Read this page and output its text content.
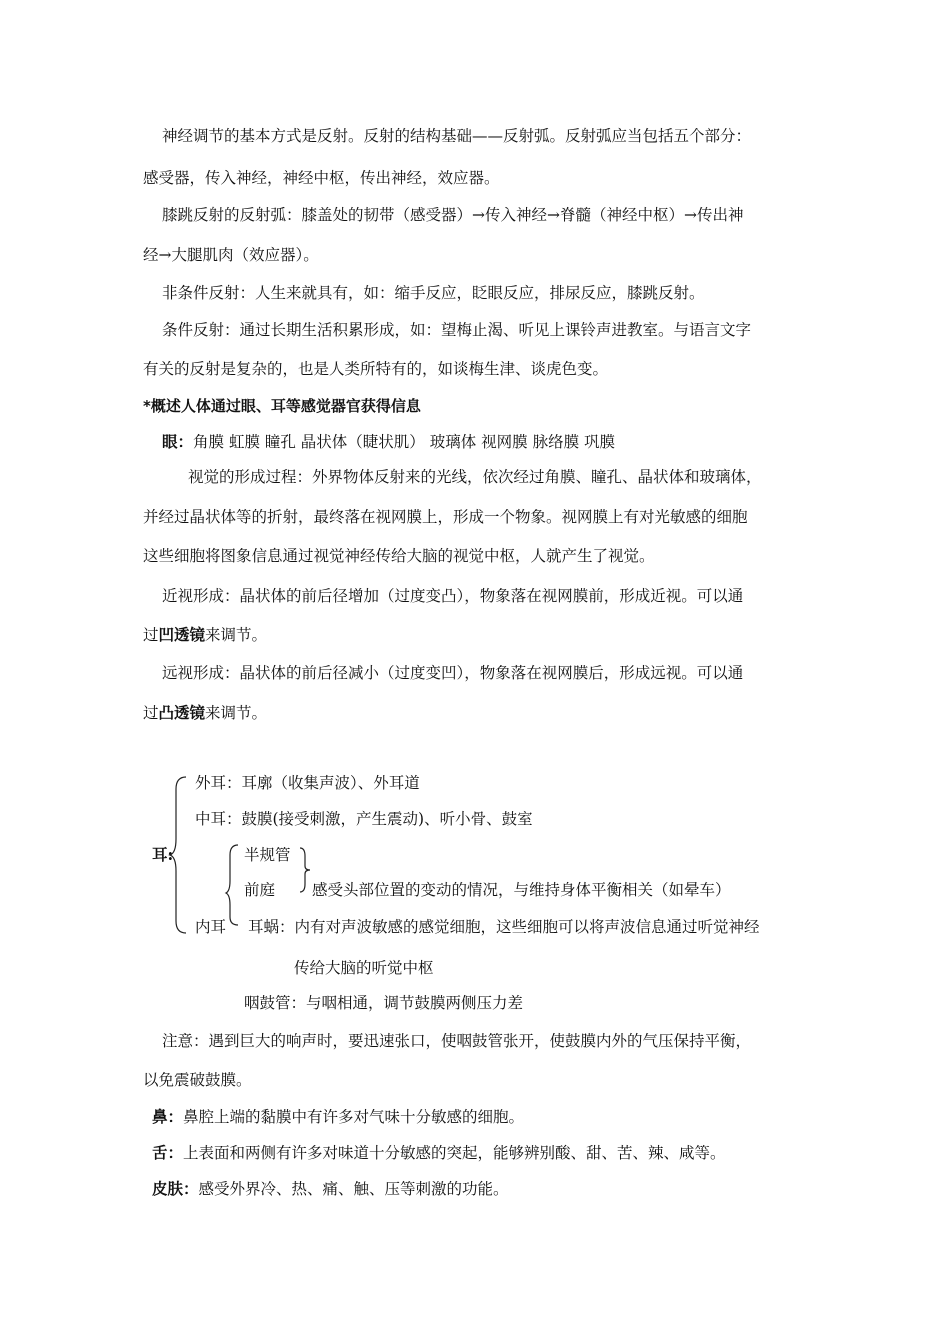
神经调节的基本方式是反射。反射的结构基础——反射弧。反射弧应当包括五个部分：
感受器，传入神经，神经中枢，传出神经，效应器。
膝跳反射的反射弧：膝盖处的韧带（感受器）→传入神经→脊髓（神经中枢）→传出神
经→大腿肌肉（效应器）。
非条件反射：人生来就具有，如：缩手反应，眨眼反应，排尿反应，膝跳反射。
条件反射：通过长期生活积累形成，如：望梅止渴、听见上课铃声进教室。与语言文字
有关的反射是复杂的，也是人类所特有的，如谈梅生津、谈虎色变。
*概述人体通过眼、耳等感觉器官获得信息
眼：角膜 虹膜 瞳孔 晶状体（睫状肌） 玻璃体 视网膜 脉络膜 巩膜
视觉的形成过程：外界物体反射来的光线，依次经过角膜、瞳孔、晶状体和玻璃体，
并经过晶状体等的折射，最终落在视网膜上，形成一个物象。视网膜上有对光敏感的细胞
这些细胞将图象信息通过视觉神经传给大脑的视觉中枢，人就产生了视觉。
近视形成：晶状体的前后径增加（过度变凸），物象落在视网膜前，形成近视。可以通
过凹透镜来调节。
远视形成：晶状体的前后径减小（过度变凹），物象落在视网膜后，形成远视。可以通
过凸透镜来调节。
耳:
外耳：耳廓（收集声波）、外耳道
中耳：鼓膜(接受刺激，产生震动)、听小骨、鼓室
半规管
前庭 感受头部位置的变动的情况，与维持身体平衡相关（如晕车）
内耳 耳蜗：内有对声波敏感的感觉细胞，这些细胞可以将声波信息通过听觉神经
传给大脑的听觉中枢
咽鼓管：与咽相通，调节鼓膜两侧压力差
注意：遇到巨大的响声时，要迅速张口，使咽鼓管张开，使鼓膜内外的气压保持平衡，
以免震破鼓膜。
鼻：鼻腔上端的黏膜中有许多对气味十分敏感的细胞。
舌：上表面和两侧有许多对味道十分敏感的突起，能够辨别酸、甜、苦、辣、咸等。
皮肤：感受外界冷、热、痛、触、压等刺激的功能。
